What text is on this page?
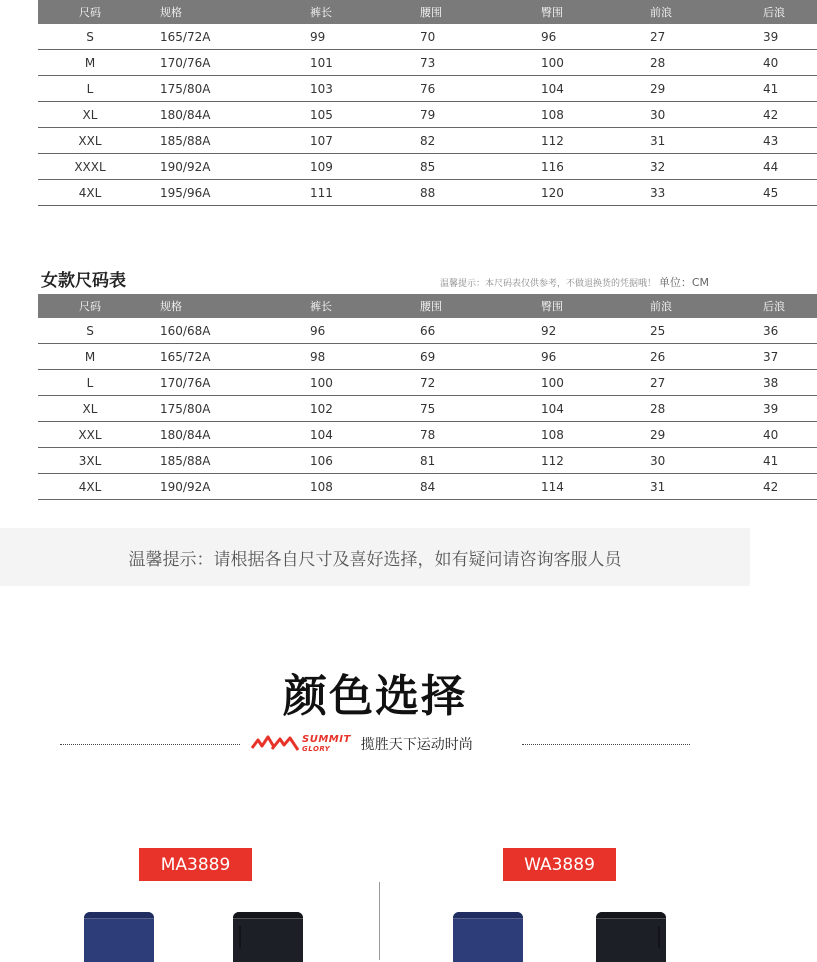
尺码	规格	裤长	腰围	臀围	前浪	后浪
S	165/72A	99	70	96	27	39
M	170/76A	101	73	100	28	40
L	175/80A	103	76	104	29	41
XL	180/84A	105	79	108	30	42
XXL	185/88A	107	82	112	31	43
XXXL	190/92A	109	85	116	32	44
4XL	195/96A	111	88	120	33	45
女款尺码表	温馨提示：本尺码表仅供参考，不做退换货的凭据哦！ 单位：CM
尺码	规格	裤长	腰围	臀围	前浪	后浪
S	160/68A	96	66	92	25	36
M	165/72A	98	69	96	26	37
L	170/76A	100	72	100	27	38
XL	175/80A	102	75	104	28	39
XXL	180/84A	104	78	108	29	40
3XL	185/88A	106	81	112	30	41
4XL	190/92A	108	84	114	31	42
温馨提示：请根据各自尺寸及喜好选择，如有疑问请咨询客服人员
颜色选择
SUMMIT
GLORY	揽胜天下运动时尚
MA3889	WA3889
